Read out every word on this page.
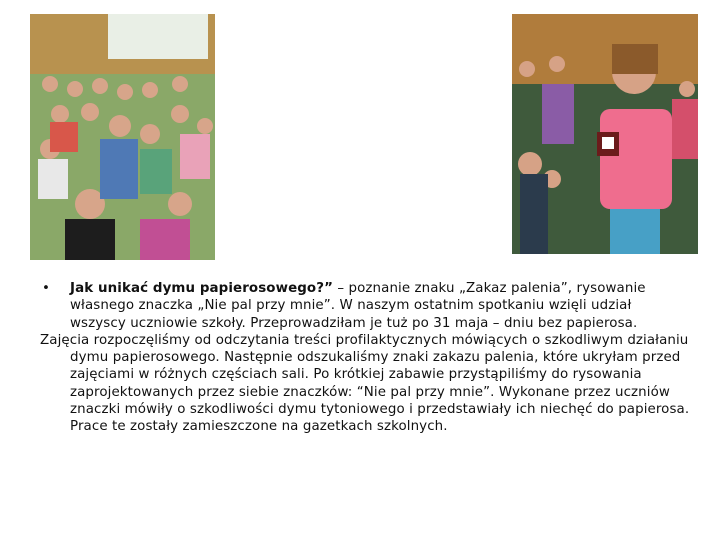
• Jak unikać dymu papierosowego?” – poznanie znaku „Zakaz palenia”, rysowanie własnego znaczka „Nie pal przy mnie”. W naszym ostatnim spotkaniu wzięli udział wszyscy uczniowie szkoły. Przeprowadziłam je tuż po 31 maja – dniu bez papierosa.

Zajęcia rozpoczęliśmy od odczytania treści profilaktycznych mówiących o szkodliwym działaniu dymu papierosowego. Następnie odszukaliśmy znaki zakazu palenia, które ukryłam przed zajęciami w różnych częściach sali. Po krótkiej zabawie przystąpiliśmy do rysowania zaprojektowanych przez siebie znaczków: “Nie pal przy mnie”. Wykonane przez uczniów znaczki mówiły o szkodliwości dymu tytoniowego i przedstawiały ich niechęć do papierosa. Prace te zostały zamieszczone na gazetkach szkolnych.
